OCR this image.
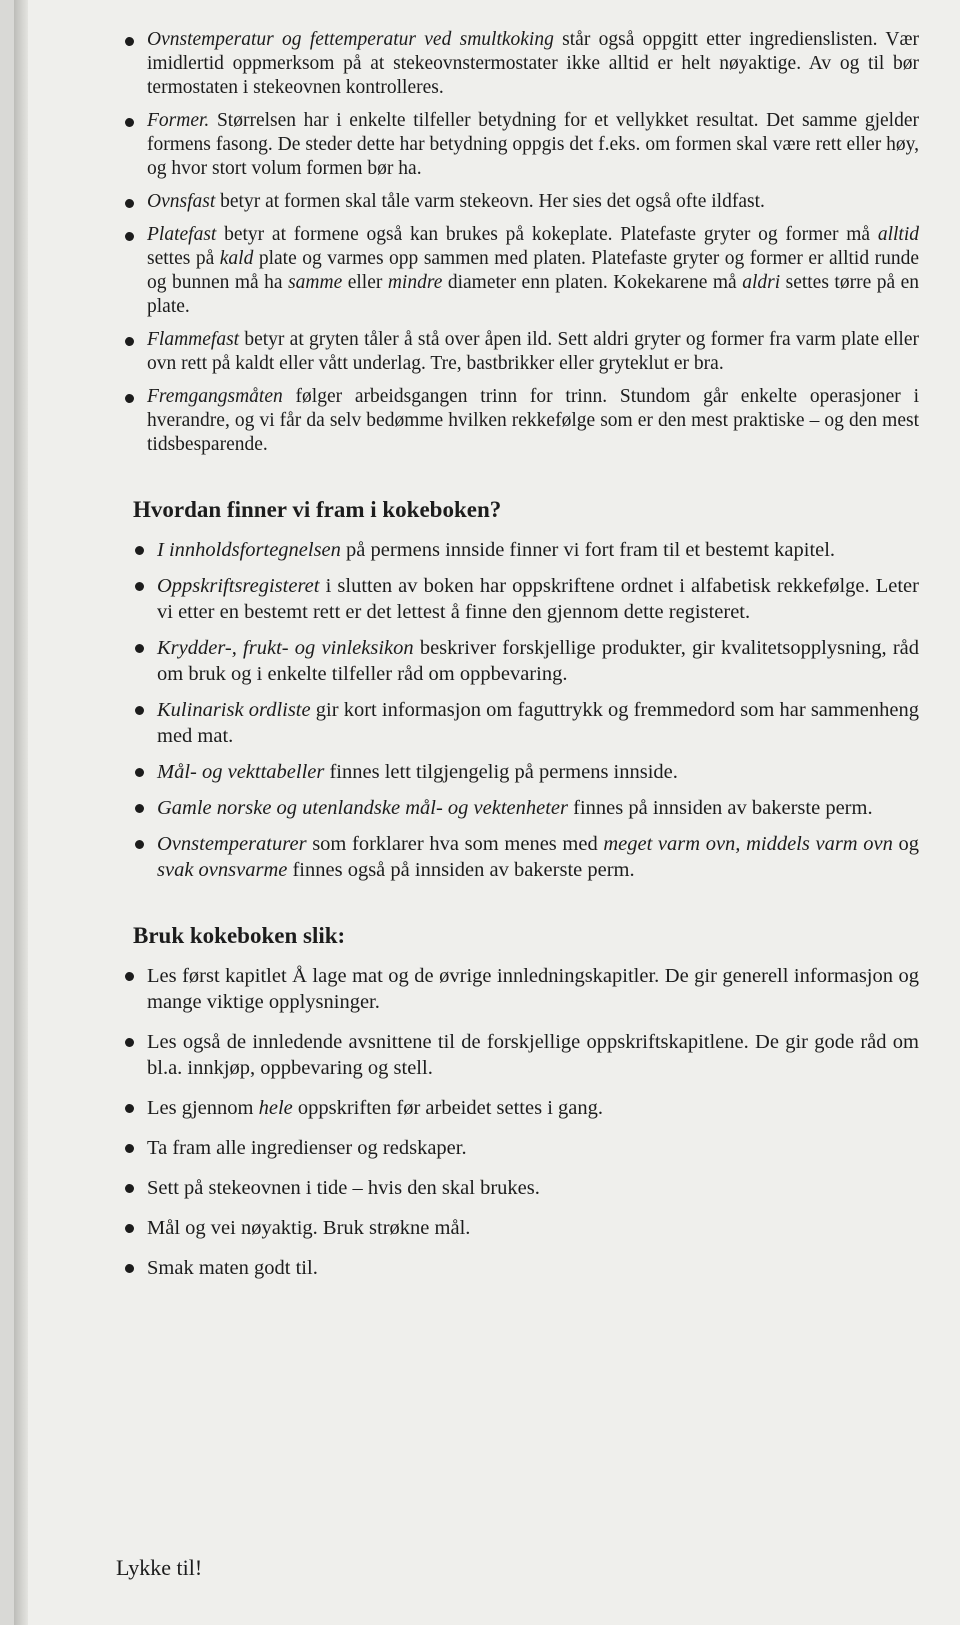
Ovnstemperatur og fettemperatur ved smultkoking står også oppgitt etter ingredienslisten. Vær imidlertid oppmerksom på at stekeovnstermostater ikke alltid er helt nøyaktige. Av og til bør termostaten i stekeovnen kontrolleres.
Former. Størrelsen har i enkelte tilfeller betydning for et vellykket resultat. Det samme gjelder formens fasong. De steder dette har betydning oppgis det f.eks. om formen skal være rett eller høy, og hvor stort volum formen bør ha.
Ovnsfast betyr at formen skal tåle varm stekeovn. Her sies det også ofte ildfast.
Platefast betyr at formene også kan brukes på kokeplate. Platefaste gryter og former må alltid settes på kald plate og varmes opp sammen med platen. Platefaste gryter og former er alltid runde og bunnen må ha samme eller mindre diameter enn platen. Kokekarene må aldri settes tørre på en plate.
Flammefast betyr at gryten tåler å stå over åpen ild. Sett aldri gryter og former fra varm plate eller ovn rett på kaldt eller vått underlag. Tre, bastbrikker eller gryteklut er bra.
Fremgangsmåten følger arbeidsgangen trinn for trinn. Stundom går enkelte operasjoner i hverandre, og vi får da selv bedømme hvilken rekkefølge som er den mest praktiske – og den mest tidsbesparende.
Hvordan finner vi fram i kokeboken?
I innholdsfortegnelsen på permens innside finner vi fort fram til et bestemt kapitel.
Oppskriftsregisteret i slutten av boken har oppskriftene ordnet i alfabetisk rekkefølge. Leter vi etter en bestemt rett er det lettest å finne den gjennom dette registeret.
Krydder-, frukt- og vinleksikon beskriver forskjellige produkter, gir kvalitetsopplysning, råd om bruk og i enkelte tilfeller råd om oppbevaring.
Kulinarisk ordliste gir kort informasjon om faguttrykk og fremmedord som har sammenheng med mat.
Mål- og vekttabeller finnes lett tilgjengelig på permens innside.
Gamle norske og utenlandske mål- og vektenheter finnes på innsiden av bakerste perm.
Ovnstemperaturer som forklarer hva som menes med meget varm ovn, middels varm ovn og svak ovnsvarme finnes også på innsiden av bakerste perm.
Bruk kokeboken slik:
Les først kapitlet Å lage mat og de øvrige innledningskapitler. De gir generell informasjon og mange viktige opplysninger.
Les også de innledende avsnittene til de forskjellige oppskriftskapitlene. De gir gode råd om bl.a. innkjøp, oppbevaring og stell.
Les gjennom hele oppskriften før arbeidet settes i gang.
Ta fram alle ingredienser og redskaper.
Sett på stekeovnen i tide – hvis den skal brukes.
Mål og vei nøyaktig. Bruk strøkne mål.
Smak maten godt til.
Lykke til!
